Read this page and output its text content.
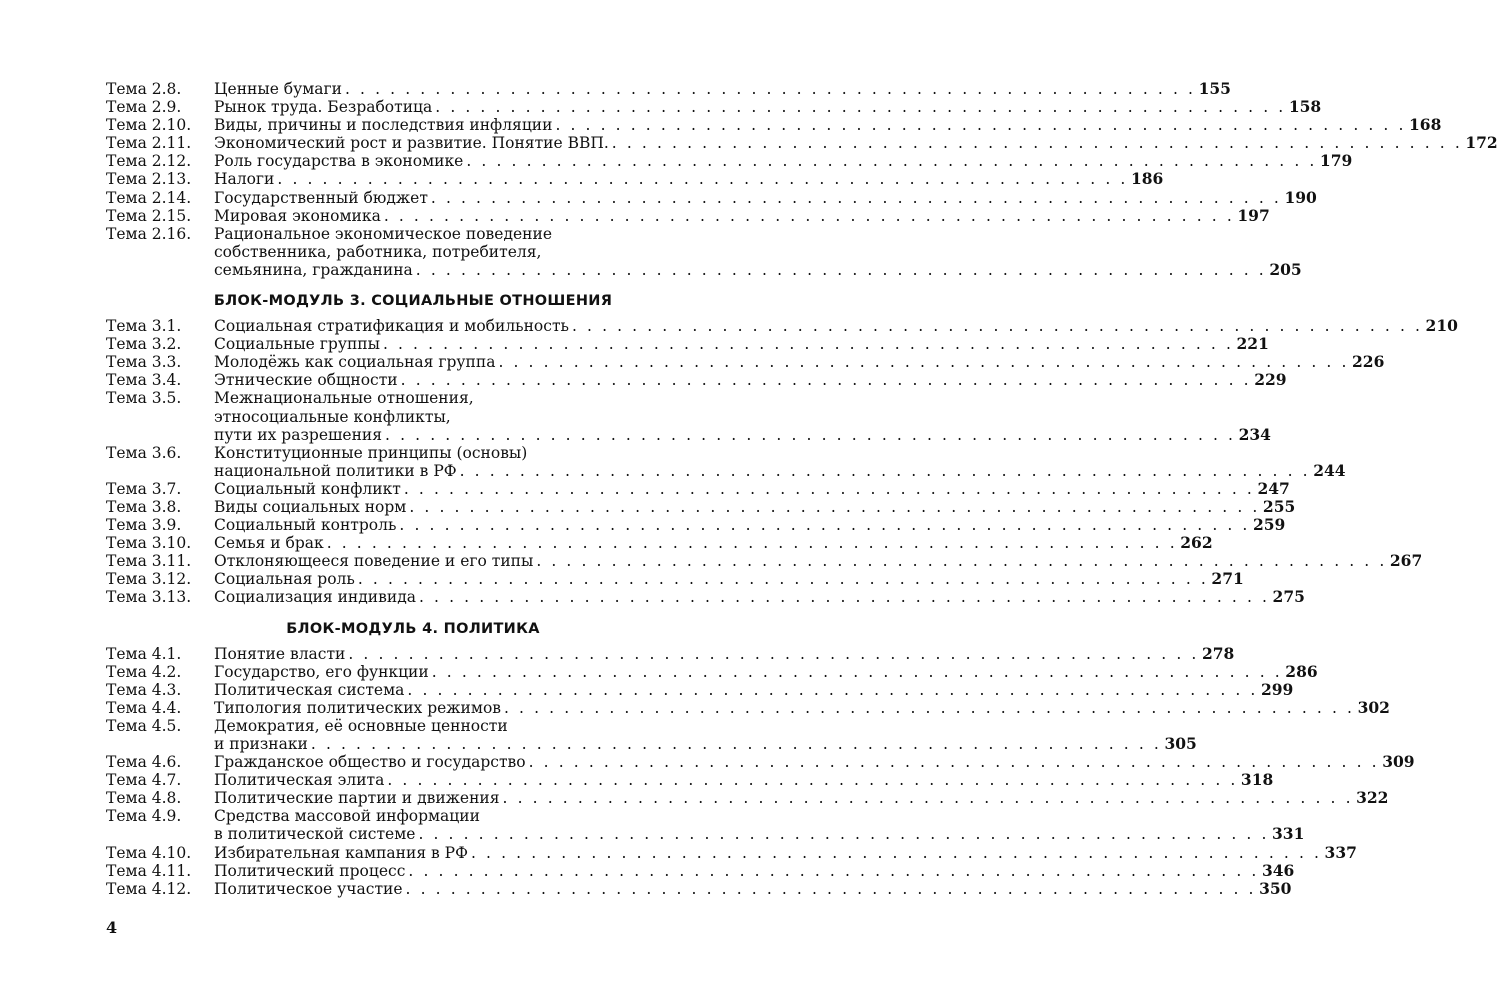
Тема 2.8.	Ценные бумаги . . . . . . . . . . . . . . . . . . . . . . . . . . . . . . . . . . . . . . . . . . . . . . . . . . . . . . . . . 155
Тема 2.9.	Рынок труда. Безработица . . . . . . . . . . . . . . . . . . . . . . . . . . . . . . . . . . . . . . . . . . . . . . . . . . . . . . . . . 158
Тема 2.10.	Виды, причины и последствия инфляции . . . . . . . . . . . . . . . . . . . . . . . . . . . . . . . . . . . . . . . . . . . . . . . . . . . . . . . . . 168
Тема 2.11.	Экономический рост и развитие. Понятие ВВП. . . . . . . . . . . . . . . . . . . . . . . . . . . . . . . . . . . . . . . . . . . . . . . . . . . . . . . . . . 172
Тема 2.12.	Роль государства в экономике . . . . . . . . . . . . . . . . . . . . . . . . . . . . . . . . . . . . . . . . . . . . . . . . . . . . . . . . . 179
Тема 2.13.	Налоги . . . . . . . . . . . . . . . . . . . . . . . . . . . . . . . . . . . . . . . . . . . . . . . . . . . . . . . . . 186
Тема 2.14.	Государственный бюджет . . . . . . . . . . . . . . . . . . . . . . . . . . . . . . . . . . . . . . . . . . . . . . . . . . . . . . . . . 190
Тема 2.15.	Мировая экономика . . . . . . . . . . . . . . . . . . . . . . . . . . . . . . . . . . . . . . . . . . . . . . . . . . . . . . . . . 197
Тема 2.16.	Рациональное экономическое поведение
собственника, работника, потребителя,
семьянина, гражданина . . . . . . . . . . . . . . . . . . . . . . . . . . . . . . . . . . . . . . . . . . . . . . . . . . . . . . . . . 205
БЛОК-МОДУЛЬ 3. СОЦИАЛЬНЫЕ ОТНОШЕНИЯ
Тема 3.1.	Социальная стратификация и мобильность . . . . . . . . . . . . . . . . . . . . . . . . . . . . . . . . . . . . . . . . . . . . . . . . . . . . . . . . . 210
Тема 3.2.	Социальные группы . . . . . . . . . . . . . . . . . . . . . . . . . . . . . . . . . . . . . . . . . . . . . . . . . . . . . . . . . 221
Тема 3.3.	Молодёжь как социальная группа . . . . . . . . . . . . . . . . . . . . . . . . . . . . . . . . . . . . . . . . . . . . . . . . . . . . . . . . . 226
Тема 3.4.	Этнические общности . . . . . . . . . . . . . . . . . . . . . . . . . . . . . . . . . . . . . . . . . . . . . . . . . . . . . . . . . 229
Тема 3.5.	Межнациональные отношения,
этносоциальные конфликты,
пути их разрешения . . . . . . . . . . . . . . . . . . . . . . . . . . . . . . . . . . . . . . . . . . . . . . . . . . . . . . . . . 234
Тема 3.6.	Конституционные принципы (основы)
национальной политики в РФ . . . . . . . . . . . . . . . . . . . . . . . . . . . . . . . . . . . . . . . . . . . . . . . . . . . . . . . . . 244
Тема 3.7.	Социальный конфликт . . . . . . . . . . . . . . . . . . . . . . . . . . . . . . . . . . . . . . . . . . . . . . . . . . . . . . . . . 247
Тема 3.8.	Виды социальных норм . . . . . . . . . . . . . . . . . . . . . . . . . . . . . . . . . . . . . . . . . . . . . . . . . . . . . . . . . 255
Тема 3.9.	Социальный контроль . . . . . . . . . . . . . . . . . . . . . . . . . . . . . . . . . . . . . . . . . . . . . . . . . . . . . . . . . 259
Тема 3.10.	Семья и брак . . . . . . . . . . . . . . . . . . . . . . . . . . . . . . . . . . . . . . . . . . . . . . . . . . . . . . . . . 262
Тема 3.11.	Отклоняющееся поведение и его типы . . . . . . . . . . . . . . . . . . . . . . . . . . . . . . . . . . . . . . . . . . . . . . . . . . . . . . . . . 267
Тема 3.12.	Социальная роль . . . . . . . . . . . . . . . . . . . . . . . . . . . . . . . . . . . . . . . . . . . . . . . . . . . . . . . . . 271
Тема 3.13.	Социализация индивида . . . . . . . . . . . . . . . . . . . . . . . . . . . . . . . . . . . . . . . . . . . . . . . . . . . . . . . . . 275
БЛОК-МОДУЛЬ 4. ПОЛИТИКА
Тема 4.1.	Понятие власти . . . . . . . . . . . . . . . . . . . . . . . . . . . . . . . . . . . . . . . . . . . . . . . . . . . . . . . . . 278
Тема 4.2.	Государство, его функции . . . . . . . . . . . . . . . . . . . . . . . . . . . . . . . . . . . . . . . . . . . . . . . . . . . . . . . . . 286
Тема 4.3.	Политическая система . . . . . . . . . . . . . . . . . . . . . . . . . . . . . . . . . . . . . . . . . . . . . . . . . . . . . . . . . 299
Тема 4.4.	Типология политических режимов . . . . . . . . . . . . . . . . . . . . . . . . . . . . . . . . . . . . . . . . . . . . . . . . . . . . . . . . . 302
Тема 4.5.	Демократия, её основные ценности
и признаки . . . . . . . . . . . . . . . . . . . . . . . . . . . . . . . . . . . . . . . . . . . . . . . . . . . . . . . . . 305
Тема 4.6.	Гражданское общество и государство . . . . . . . . . . . . . . . . . . . . . . . . . . . . . . . . . . . . . . . . . . . . . . . . . . . . . . . . . 309
Тема 4.7.	Политическая элита . . . . . . . . . . . . . . . . . . . . . . . . . . . . . . . . . . . . . . . . . . . . . . . . . . . . . . . . . 318
Тема 4.8.	Политические партии и движения . . . . . . . . . . . . . . . . . . . . . . . . . . . . . . . . . . . . . . . . . . . . . . . . . . . . . . . . . 322
Тема 4.9.	Средства массовой информации
в политической системе . . . . . . . . . . . . . . . . . . . . . . . . . . . . . . . . . . . . . . . . . . . . . . . . . . . . . . . . . 331
Тема 4.10.	Избирательная кампания в РФ . . . . . . . . . . . . . . . . . . . . . . . . . . . . . . . . . . . . . . . . . . . . . . . . . . . . . . . . . 337
Тема 4.11.	Политический процесс . . . . . . . . . . . . . . . . . . . . . . . . . . . . . . . . . . . . . . . . . . . . . . . . . . . . . . . . . 346
Тема 4.12.	Политическое участие . . . . . . . . . . . . . . . . . . . . . . . . . . . . . . . . . . . . . . . . . . . . . . . . . . . . . . . . . 350
4
